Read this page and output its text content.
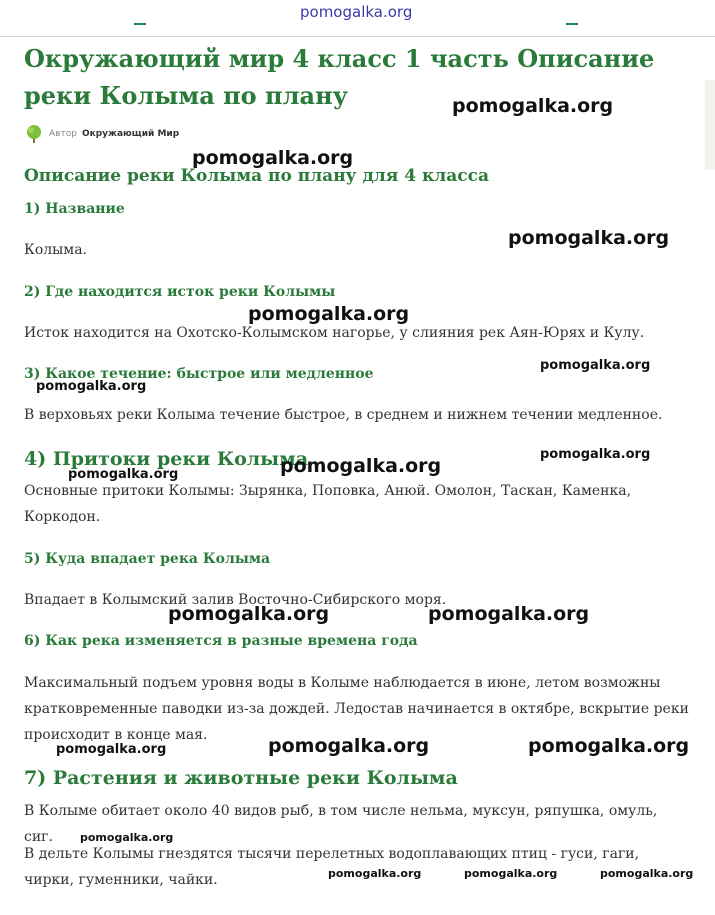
pomogalka.org
Окружающий мир 4 класс 1 часть Описание реки Колыма по плану
Автор Окружающий Мир
Описание реки Колыма по плану для 4 класса
1) Название

Колыма.

2) Где находится исток реки Колымы

Исток находится на Охотско-Колымском нагорье, у слияния рек Аян-Юрях и Кулу.

3) Какое течение: быстрое или медленное

В верховьях реки Колыма течение быстрое, в среднем и нижнем течении медленное.

4) Притоки реки Колыма

Основные притоки Колымы: Зырянка, Поповка, Анюй. Омолон, Таскан, Каменка, Коркодон.

5) Куда впадает река Колыма

Впадает в Колымский залив Восточно-Сибирского моря.

6) Как река изменяется в разные времена года

Максимальный подъем уровня воды в Колыме наблюдается в июне, летом возможны кратковременные паводки из-за дождей. Ледостав начинается в октябре, вскрытие реки происходит в конце мая.

7) Растения и животные реки Колыма

В Колыме обитает около 40 видов рыб, в том числе нельма, муксун, ряпушка, омуль, сиг.

В дельте Колымы гнездятся тысячи перелетных водоплавающих птиц - гуси, гаги, чирки, гуменники, чайки.

pomogalka.org
pomogalka.org
pomogalka.org
pomogalka.org
pomogalka.org
pomogalka.org
pomogalka.org
pomogalka.org
pomogalka.org
pomogalka.org	pomogalka.org
pomogalka.org	pomogalka.org	pomogalka.org
pomogalka.org
pomogalka.org	pomogalka.org	pomogalka.org
